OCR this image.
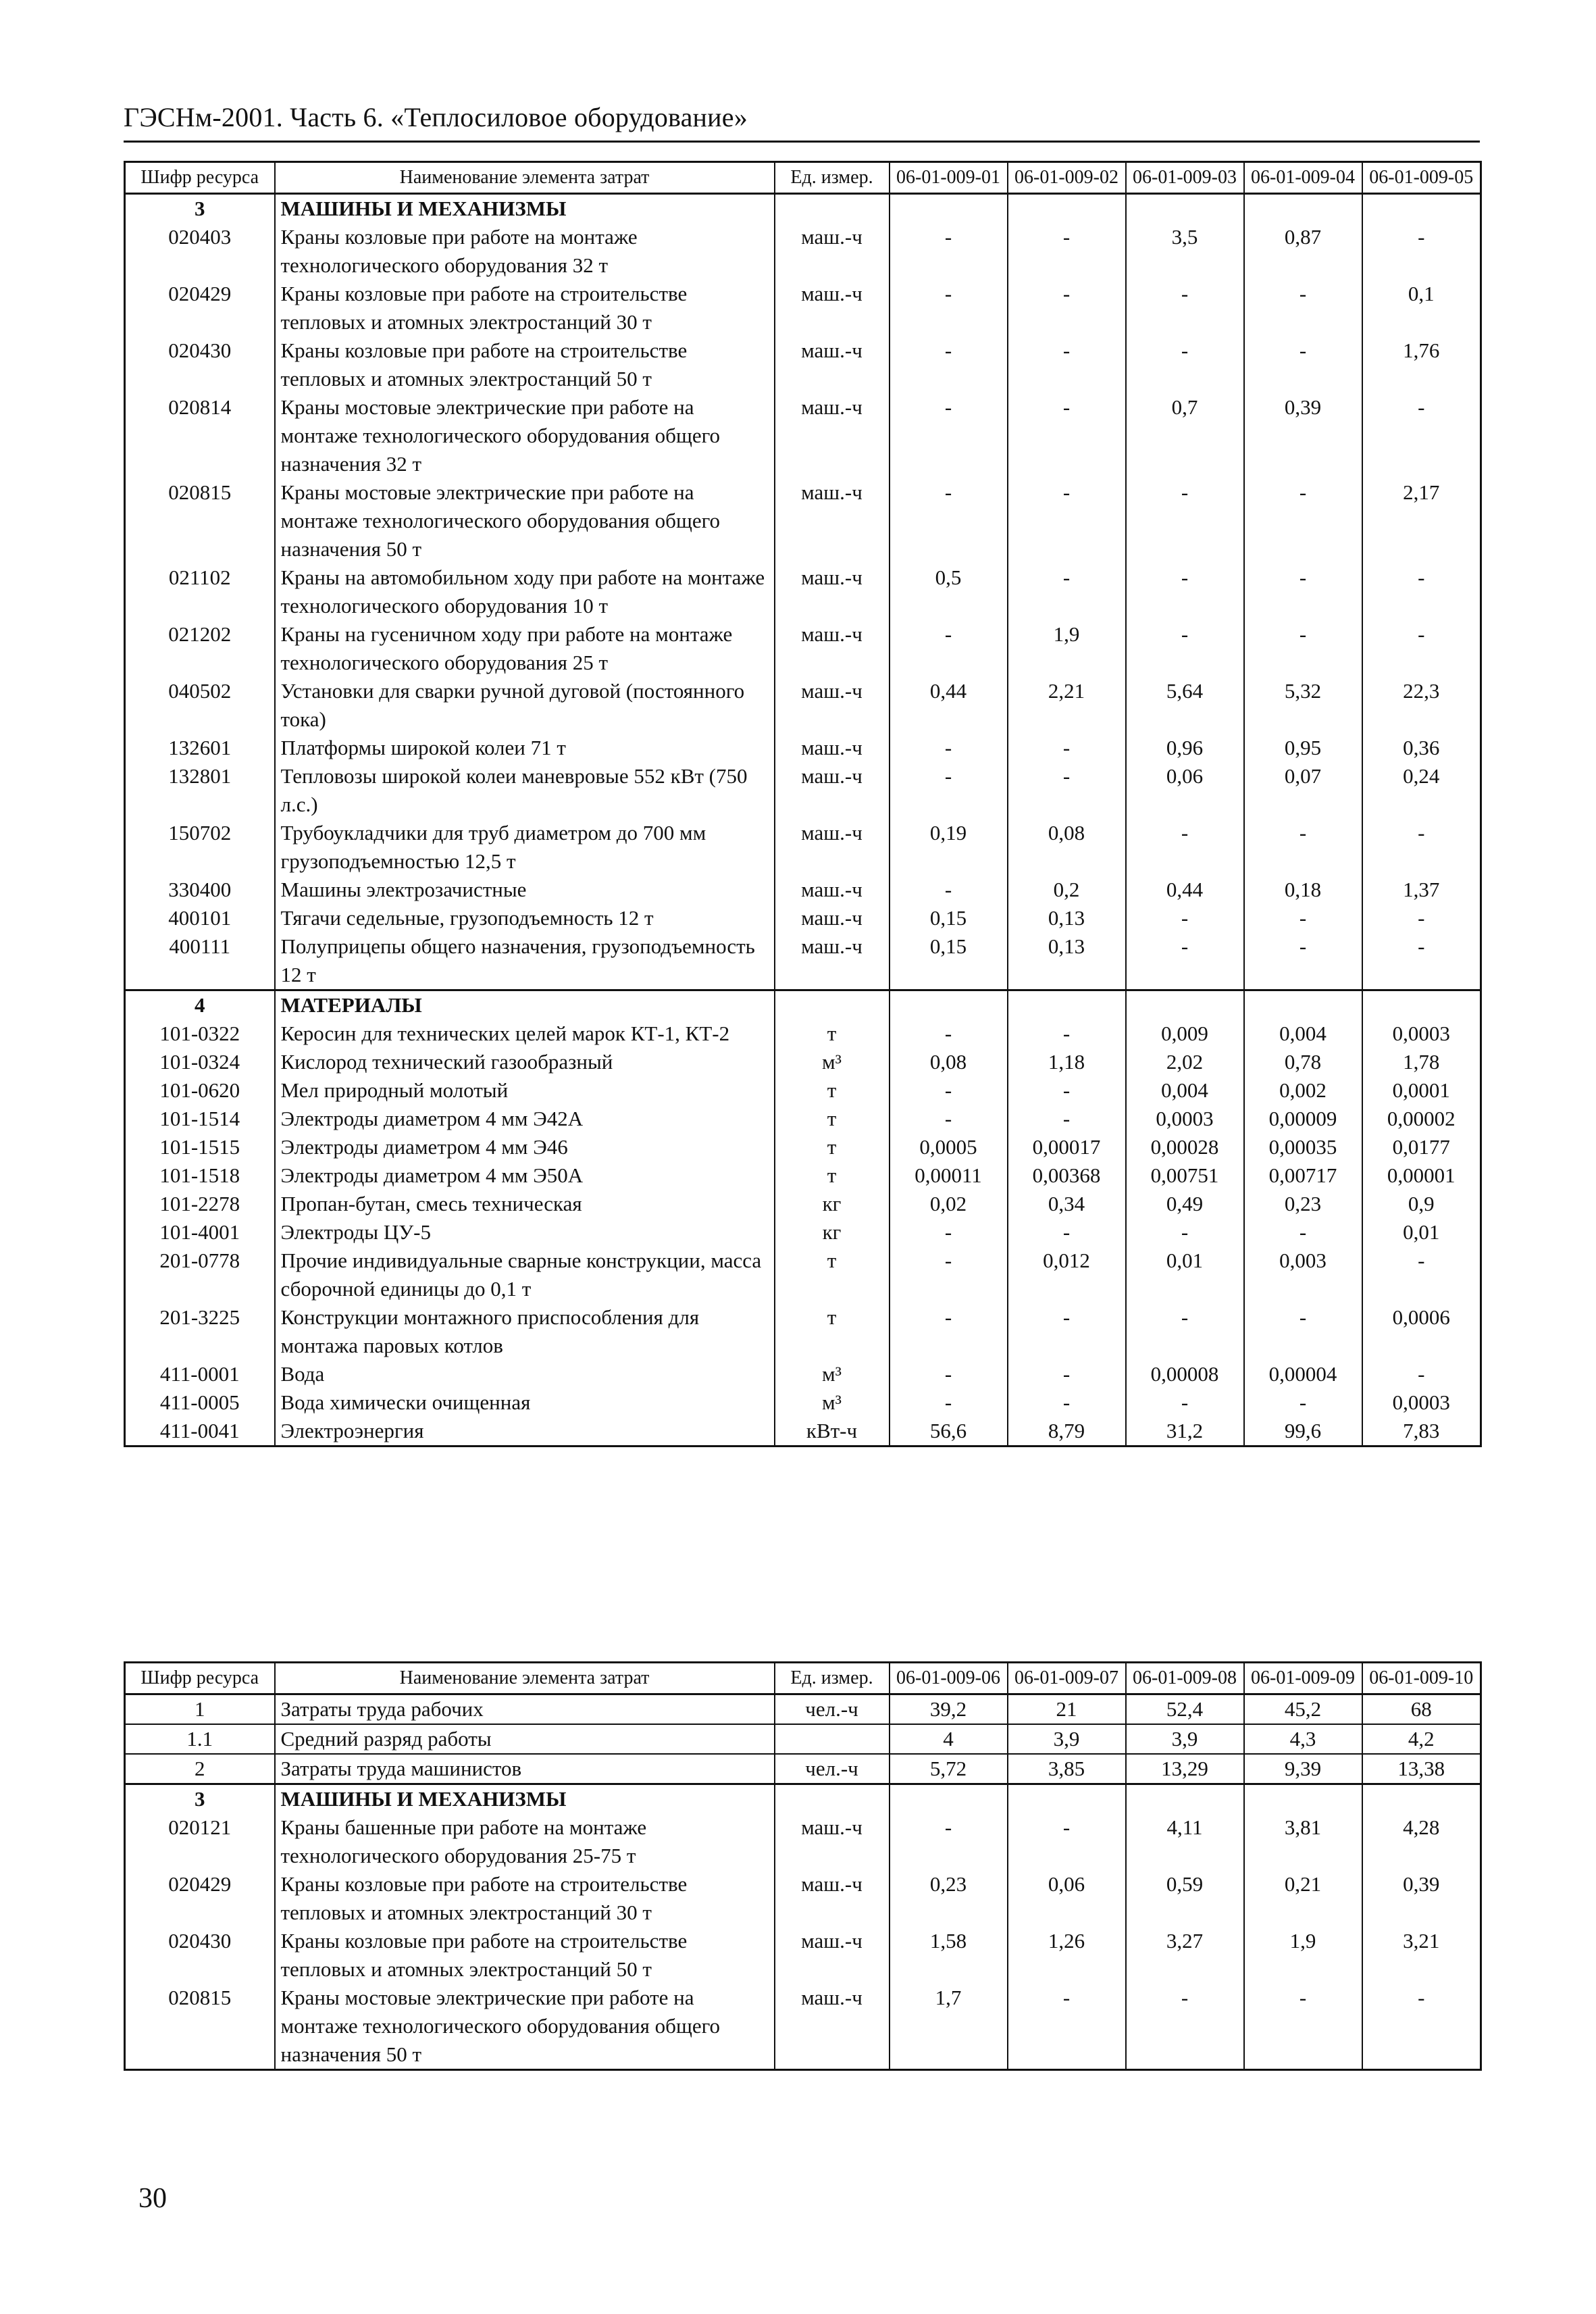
ГЭСНм-2001. Часть 6. «Теплосиловое оборудование»
Шифр ресурса	Наименование элемента затрат	Ед. измер.	06-01-009-01	06-01-009-02	06-01-009-03	06-01-009-04	06-01-009-05
3	МАШИНЫ И МЕХАНИЗМЫ						
020403	Краны козловые при работе на монтаже технологического оборудования 32 т	маш.-ч	-	-	3,5	0,87	-
020429	Краны козловые при работе на строительстве тепловых и атомных электростанций 30 т	маш.-ч	-	-	-	-	0,1
020430	Краны козловые при работе на строительстве тепловых и атомных электростанций 50 т	маш.-ч	-	-	-	-	1,76
020814	Краны мостовые электрические при работе на монтаже технологического оборудования общего назначения 32 т	маш.-ч	-	-	0,7	0,39	-
020815	Краны мостовые электрические при работе на монтаже технологического оборудования общего назначения 50 т	маш.-ч	-	-	-	-	2,17
021102	Краны на автомобильном ходу при работе на монтаже технологического оборудования 10 т	маш.-ч	0,5	-	-	-	-
021202	Краны на гусеничном ходу при работе на монтаже технологического оборудования 25 т	маш.-ч	-	1,9	-	-	-
040502	Установки для сварки ручной дуговой (постоянного тока)	маш.-ч	0,44	2,21	5,64	5,32	22,3
132601	Платформы широкой колеи 71 т	маш.-ч	-	-	0,96	0,95	0,36
132801	Тепловозы широкой колеи маневровые 552 кВт (750 л.с.)	маш.-ч	-	-	0,06	0,07	0,24
150702	Трубоукладчики для труб диаметром до 700 мм грузоподъемностью 12,5 т	маш.-ч	0,19	0,08	-	-	-
330400	Машины электрозачистные	маш.-ч	-	0,2	0,44	0,18	1,37
400101	Тягачи седельные, грузоподъемность 12 т	маш.-ч	0,15	0,13	-	-	-
400111	Полуприцепы общего назначения, грузоподъемность 12 т	маш.-ч	0,15	0,13	-	-	-
4	МАТЕРИАЛЫ						
101-0322	Керосин для технических целей марок КТ-1, КТ-2	т	-	-	0,009	0,004	0,0003
101-0324	Кислород технический газообразный	м³	0,08	1,18	2,02	0,78	1,78
101-0620	Мел природный молотый	т	-	-	0,004	0,002	0,0001
101-1514	Электроды диаметром 4 мм Э42А	т	-	-	0,0003	0,00009	0,00002
101-1515	Электроды диаметром 4 мм Э46	т	0,0005	0,00017	0,00028	0,00035	0,0177
101-1518	Электроды диаметром 4 мм Э50А	т	0,00011	0,00368	0,00751	0,00717	0,00001
101-2278	Пропан-бутан, смесь техническая	кг	0,02	0,34	0,49	0,23	0,9
101-4001	Электроды ЦУ-5	кг	-	-	-	-	0,01
201-0778	Прочие индивидуальные сварные конструкции, масса сборочной единицы до 0,1 т	т	-	0,012	0,01	0,003	-
201-3225	Конструкции монтажного приспособления для монтажа паровых котлов	т	-	-	-	-	0,0006
411-0001	Вода	м³	-	-	0,00008	0,00004	-
411-0005	Вода химически очищенная	м³	-	-	-	-	0,0003
411-0041	Электроэнергия	кВт-ч	56,6	8,79	31,2	99,6	7,83
Шифр ресурса	Наименование элемента затрат	Ед. измер.	06-01-009-06	06-01-009-07	06-01-009-08	06-01-009-09	06-01-009-10
1	Затраты труда рабочих	чел.-ч	39,2	21	52,4	45,2	68
1.1	Средний разряд работы		4	3,9	3,9	4,3	4,2
2	Затраты труда машинистов	чел.-ч	5,72	3,85	13,29	9,39	13,38
3	МАШИНЫ И МЕХАНИЗМЫ						
020121	Краны башенные при работе на монтаже технологического оборудования 25-75 т	маш.-ч	-	-	4,11	3,81	4,28
020429	Краны козловые при работе на строительстве тепловых и атомных электростанций 30 т	маш.-ч	0,23	0,06	0,59	0,21	0,39
020430	Краны козловые при работе на строительстве тепловых и атомных электростанций 50 т	маш.-ч	1,58	1,26	3,27	1,9	3,21
020815	Краны мостовые электрические при работе на монтаже технологического оборудования общего назначения 50 т	маш.-ч	1,7	-	-	-	-
30
